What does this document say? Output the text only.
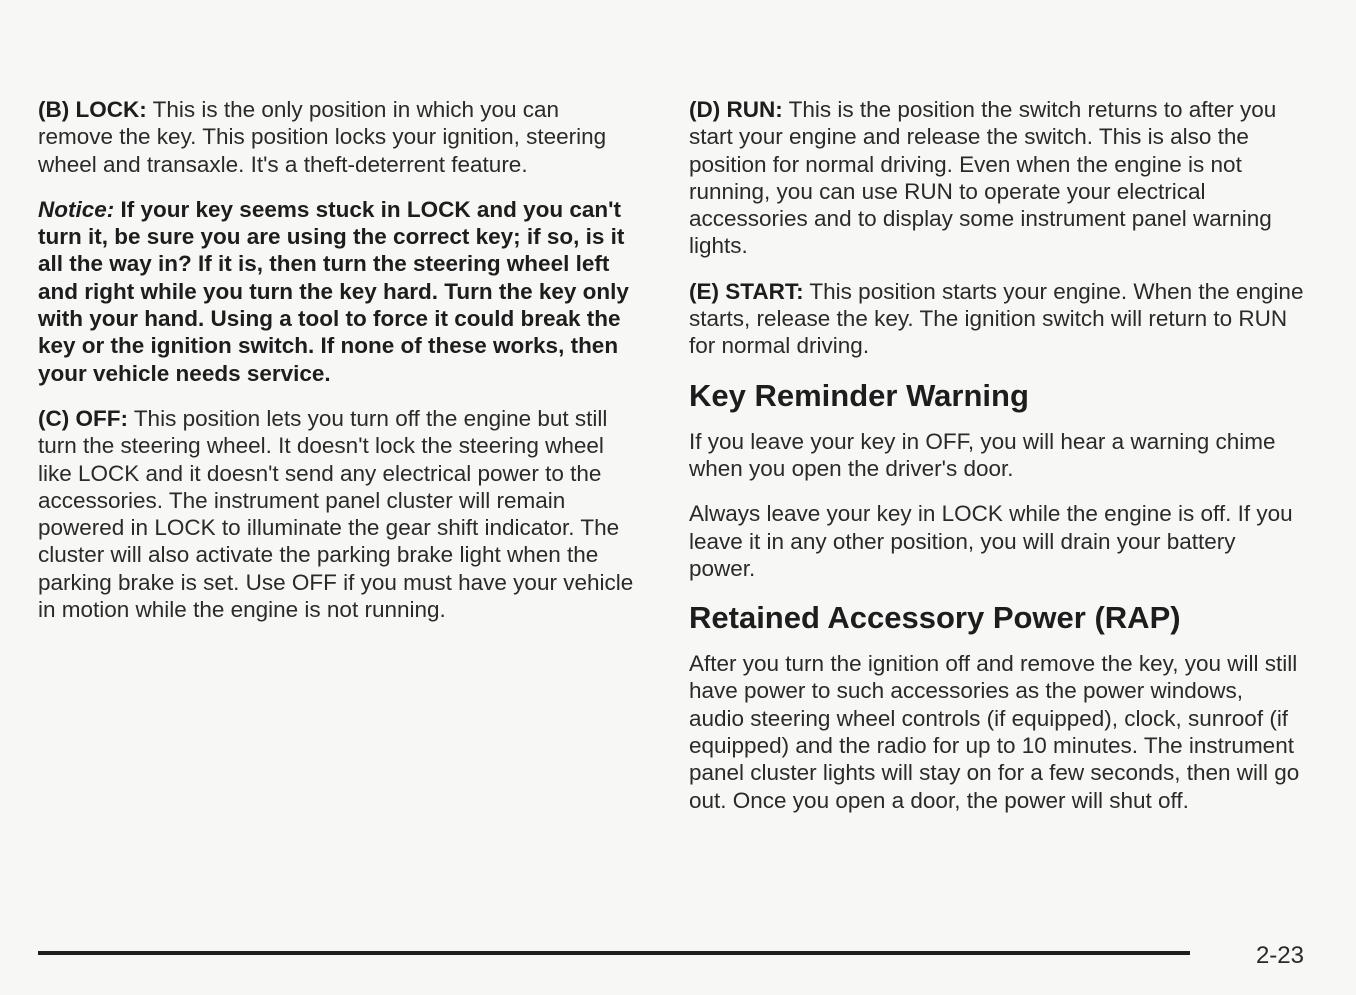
(B) LOCK: This is the only position in which you can remove the key. This position locks your ignition, steering wheel and transaxle. It's a theft-deterrent feature.

Notice: If your key seems stuck in LOCK and you can't turn it, be sure you are using the correct key; if so, is it all the way in? If it is, then turn the steering wheel left and right while you turn the key hard. Turn the key only with your hand. Using a tool to force it could break the key or the ignition switch. If none of these works, then your vehicle needs service.

(C) OFF: This position lets you turn off the engine but still turn the steering wheel. It doesn't lock the steering wheel like LOCK and it doesn't send any electrical power to the accessories. The instrument panel cluster will remain powered in LOCK to illuminate the gear shift indicator. The cluster will also activate the parking brake light when the parking brake is set. Use OFF if you must have your vehicle in motion while the engine is not running.

(D) RUN: This is the position the switch returns to after you start your engine and release the switch. This is also the position for normal driving. Even when the engine is not running, you can use RUN to operate your electrical accessories and to display some instrument panel warning lights.

(E) START: This position starts your engine. When the engine starts, release the key. The ignition switch will return to RUN for normal driving.

Key Reminder Warning

If you leave your key in OFF, you will hear a warning chime when you open the driver's door.

Always leave your key in LOCK while the engine is off. If you leave it in any other position, you will drain your battery power.

Retained Accessory Power (RAP)

After you turn the ignition off and remove the key, you will still have power to such accessories as the power windows, audio steering wheel controls (if equipped), clock, sunroof (if equipped) and the radio for up to 10 minutes. The instrument panel cluster lights will stay on for a few seconds, then will go out. Once you open a door, the power will shut off.

2-23
